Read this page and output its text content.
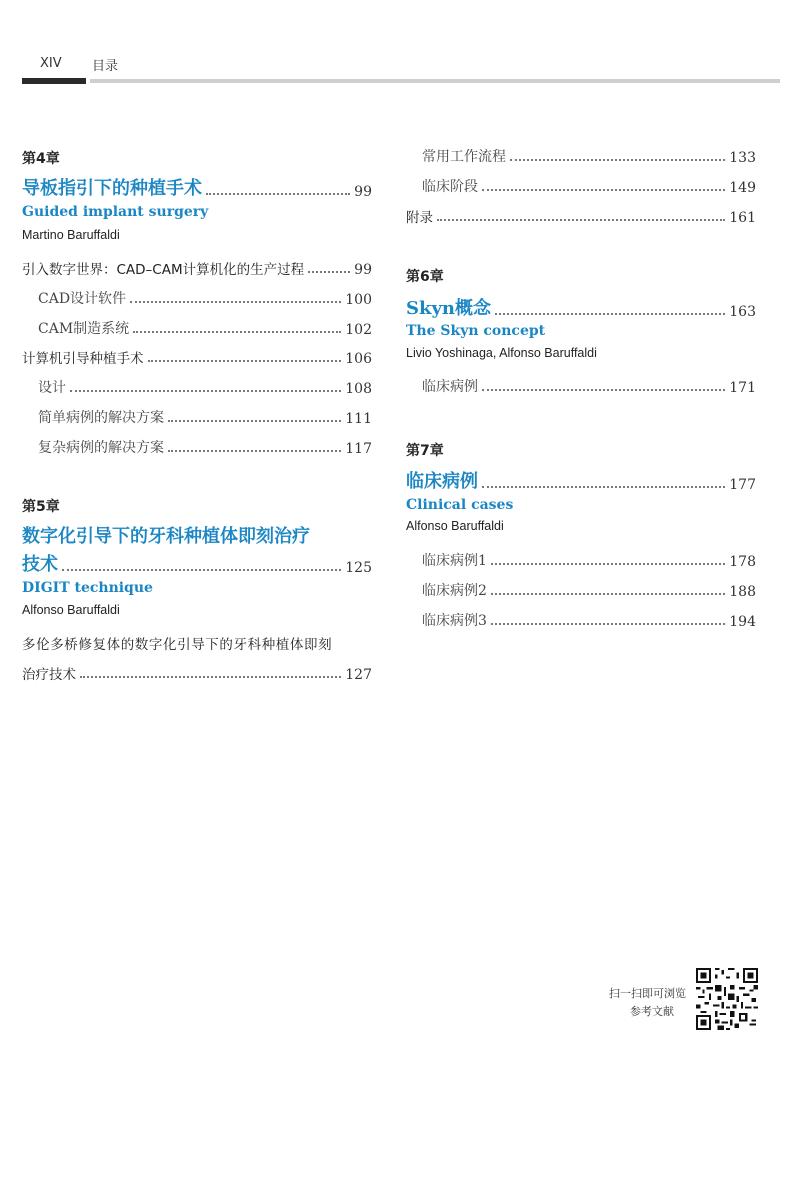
XIV 目录
第4章
导板指引下的种植手术	99
Guided implant surgery
Martino Baruffaldi
引入数字世界：CAD–CAM计算机化的生产过程	99
CAD设计软件	100
CAM制造系统	102
计算机引导种植手术	106
设计	108
简单病例的解决方案	111
复杂病例的解决方案	117
第5章
数字化引导下的牙科种植体即刻治疗
技术	125
DIGIT technique
Alfonso Baruffaldi
多伦多桥修复体的数字化引导下的牙科种植体即刻
治疗技术	127
常用工作流程	133
临床阶段	149
附录	161
第6章
Skyn概念	163
The Skyn concept
Livio Yoshinaga, Alfonso Baruffaldi
临床病例	171
第7章
临床病例	177
Clinical cases
Alfonso Baruffaldi
临床病例1	178
临床病例2	188
临床病例3	194
扫一扫即可浏览
参考文献
